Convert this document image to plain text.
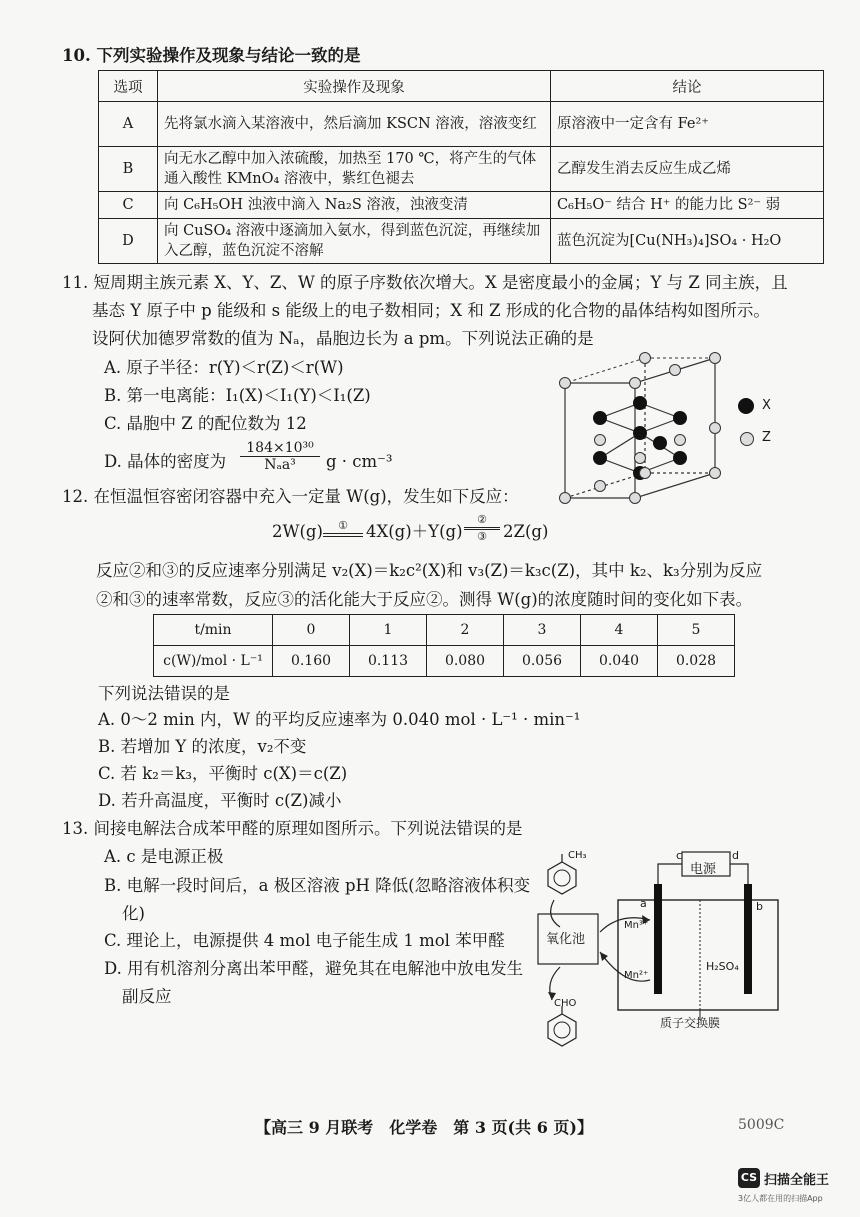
10. 下列实验操作及现象与结论一致的是
选项	实验操作及现象	结论
A	先将氯水滴入某溶液中，然后滴加 KSCN 溶液，溶液变红	原溶液中一定含有 Fe²⁺
B	向无水乙醇中加入浓硫酸，加热至 170 ℃，将产生的气体通入酸性 KMnO₄ 溶液中，紫红色褪去	乙醇发生消去反应生成乙烯
C	向 C₆H₅OH 浊液中滴入 Na₂S 溶液，浊液变清	C₆H₅O⁻ 结合 H⁺ 的能力比 S²⁻ 弱
D	向 CuSO₄ 溶液中逐滴加入氨水，得到蓝色沉淀，再继续加入乙醇，蓝色沉淀不溶解	蓝色沉淀为[Cu(NH₃)₄]SO₄ · H₂O
11. 短周期主族元素 X、Y、Z、W 的原子序数依次增大。X 是密度最小的金属；Y 与 Z 同主族，且
基态 Y 原子中 p 能级和 s 能级上的电子数相同；X 和 Z 形成的化合物的晶体结构如图所示。
设阿伏加德罗常数的值为 Nₐ，晶胞边长为 a pm。下列说法正确的是
A. 原子半径：r(Y)＜r(Z)＜r(W)
B. 第一电离能：I₁(X)＜I₁(Y)＜I₁(Z)
C. 晶胞中 Z 的配位数为 12
D. 晶体的密度为
184×10³⁰
Nₐa³	g · cm⁻³
X
Z
12. 在恒温恒容密闭容器中充入一定量 W(g)，发生如下反应：
2W(g)	①	4X(g)＋Y(g)
②
③ 2Z(g)
反应②和③的反应速率分别满足 v₂(X)＝k₂c²(X)和 v₃(Z)＝k₃c(Z)，其中 k₂、k₃分别为反应
②和③的速率常数，反应③的活化能大于反应②。测得 W(g)的浓度随时间的变化如下表。
t/min	0	1	2	3	4	5
c(W)/mol · L⁻¹	0.160	0.113	0.080	0.056	0.040	0.028
下列说法错误的是
A. 0～2 min 内，W 的平均反应速率为 0.040 mol · L⁻¹ · min⁻¹
B. 若增加 Y 的浓度，v₂不变
C. 若 k₂＝k₃，平衡时 c(X)＝c(Z)
D. 若升高温度，平衡时 c(Z)减小
13. 间接电解法合成苯甲醛的原理如图所示。下列说法错误的是
A. c 是电源正极
B. 电解一段时间后，a 极区溶液 pH 降低(忽略溶液体积变
化)
C. 理论上，电源提供 4 mol 电子能生成 1 mol 苯甲醛
D. 用有机溶剂分离出苯甲醛，避免其在电解池中放电发生
副反应
CH₃
氧化池
CHO
电源
c	d
a	b
Mn³⁺
Mn²⁺
H₂SO₄
质子交换膜
【高三 9 月联考　化学卷　第 3 页(共 6 页)】	5009C
CS 扫描全能王
3亿人都在用的扫描App
